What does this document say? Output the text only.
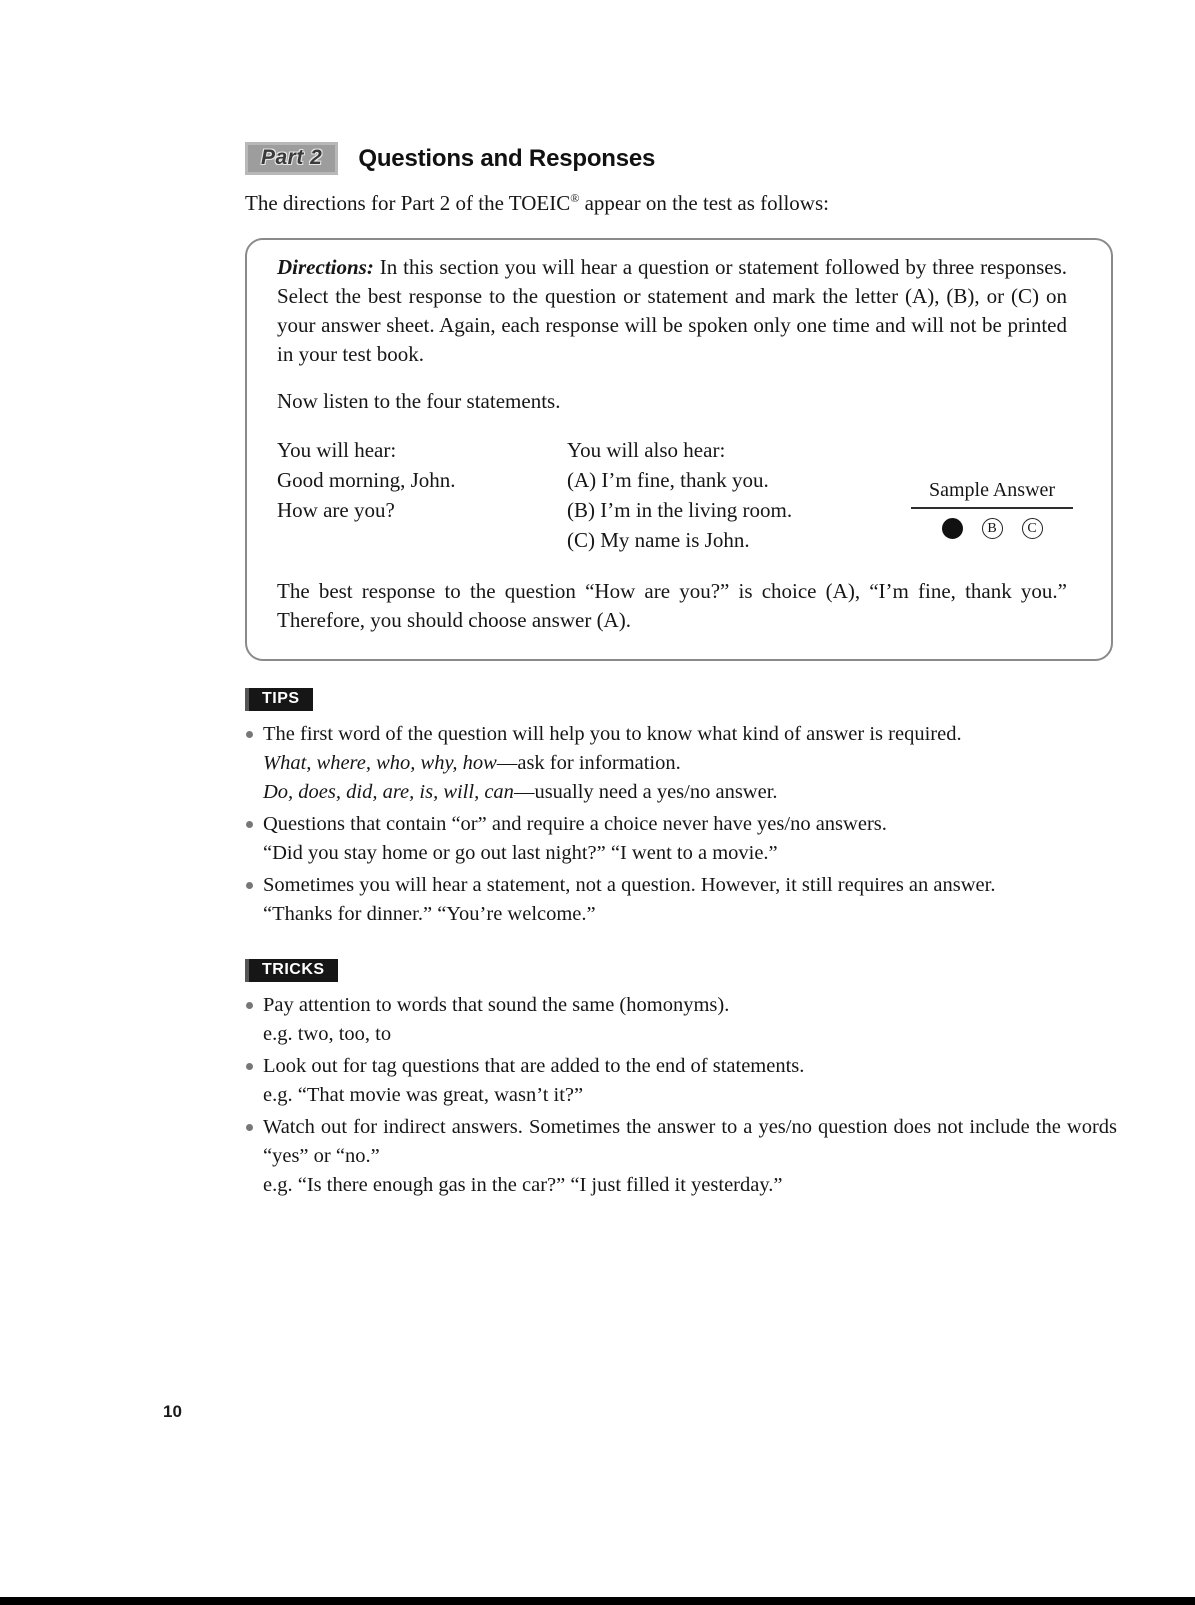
Part 2	Questions and Responses

The directions for Part 2 of the TOEIC® appear on the test as follows:

Directions: In this section you will hear a question or statement followed by three responses. Select the best response to the question or statement and mark the letter (A), (B), or (C) on your answer sheet. Again, each response will be spoken only one time and will not be printed in your test book.

Now listen to the four statements.

You will hear:
Good morning, John.
How are you?
You will also hear:
(A) I’m fine, thank you.
(B) I’m in the living room.
(C) My name is John.
Sample Answer
B	C

The best response to the question “How are you?” is choice (A), “I’m fine, thank you.” Therefore, you should choose answer (A).

TIPS
The first word of the question will help you to know what kind of answer is required.
What, where, who, why, how—ask for information.
Do, does, did, are, is, will, can—usually need a yes/no answer.
Questions that contain “or” and require a choice never have yes/no answers.
“Did you stay home or go out last night?” “I went to a movie.”
Sometimes you will hear a statement, not a question. However, it still requires an answer.
“Thanks for dinner.” “You’re welcome.”
TRICKS
Pay attention to words that sound the same (homonyms).
e.g. two, too, to
Look out for tag questions that are added to the end of statements.
e.g. “That movie was great, wasn’t it?”
Watch out for indirect answers. Sometimes the answer to a yes/no question does not include the words “yes” or “no.”
e.g. “Is there enough gas in the car?” “I just filled it yesterday.”
10
